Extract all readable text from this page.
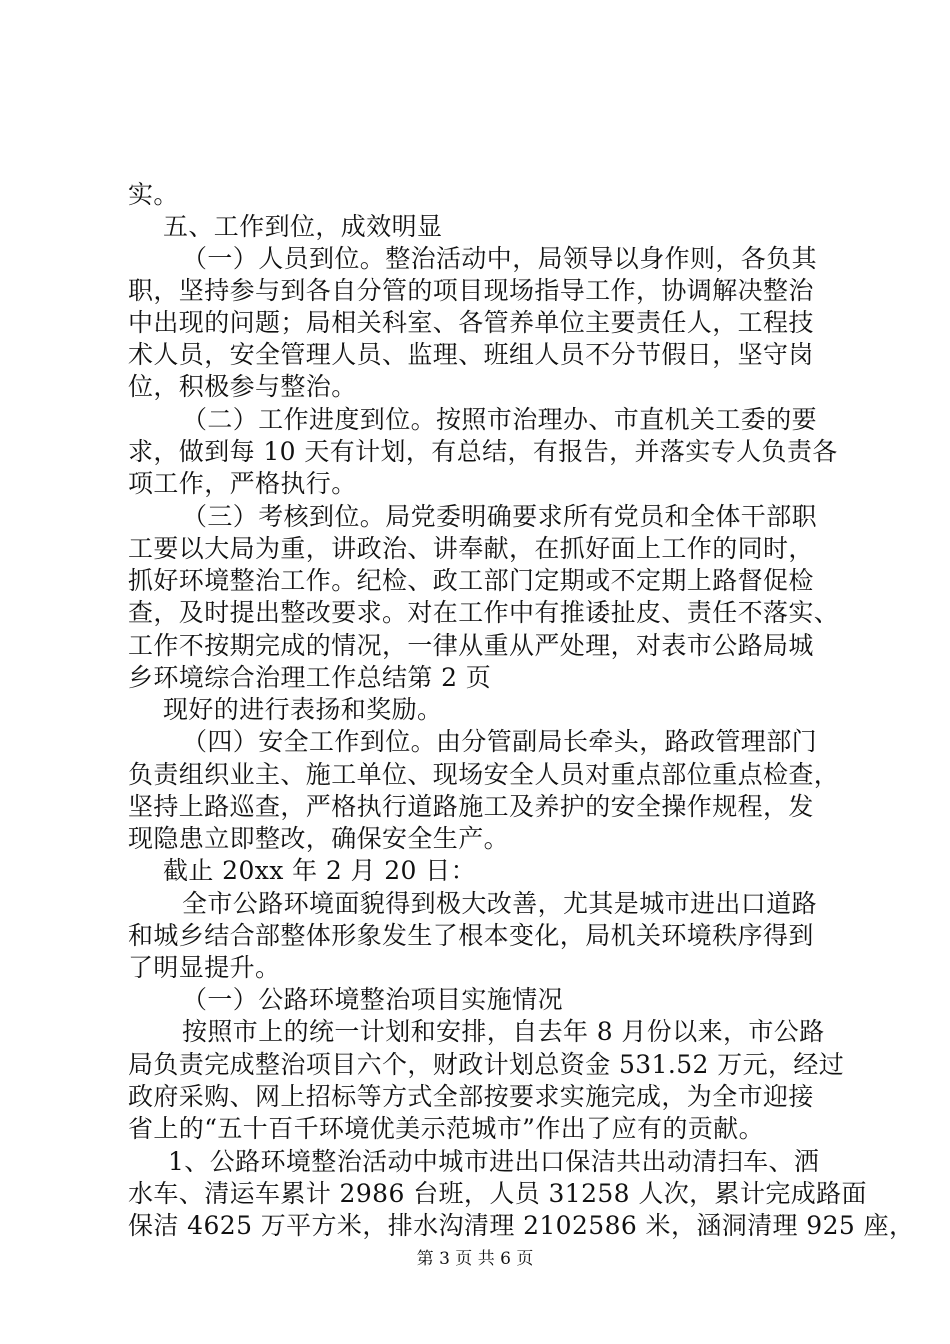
实。
五、工作到位，成效明显
（一）人员到位。整治活动中，局领导以身作则，各负其
职，坚持参与到各自分管的项目现场指导工作，协调解决整治
中出现的问题；局相关科室、各管养单位主要责任人，工程技
术人员，安全管理人员、监理、班组人员不分节假日，坚守岗
位，积极参与整治。
（二）工作进度到位。按照市治理办、市直机关工委的要
求，做到每 10 天有计划，有总结，有报告，并落实专人负责各
项工作，严格执行。
（三）考核到位。局党委明确要求所有党员和全体干部职
工要以大局为重，讲政治、讲奉献，在抓好面上工作的同时，
抓好环境整治工作。纪检、政工部门定期或不定期上路督促检
查，及时提出整改要求。对在工作中有推诿扯皮、责任不落实、
工作不按期完成的情况，一律从重从严处理，对表市公路局城
乡环境综合治理工作总结第 2 页
现好的进行表扬和奖励。
（四）安全工作到位。由分管副局长牵头，路政管理部门
负责组织业主、施工单位、现场安全人员对重点部位重点检查，
坚持上路巡查，严格执行道路施工及养护的安全操作规程，发
现隐患立即整改，确保安全生产。
截止 20xx 年 2 月 20 日：
全市公路环境面貌得到极大改善，尤其是城市进出口道路
和城乡结合部整体形象发生了根本变化，局机关环境秩序得到
了明显提升。
（一）公路环境整治项目实施情况
按照市上的统一计划和安排，自去年 8 月份以来，市公路
局负责完成整治项目六个，财政计划总资金 531.52 万元，经过
政府采购、网上招标等方式全部按要求实施完成，为全市迎接
省上的“五十百千环境优美示范城市”作出了应有的贡献。
1、公路环境整治活动中城市进出口保洁共出动清扫车、洒
水车、清运车累计 2986 台班，人员 31258 人次，累计完成路面
保洁 4625 万平方米，排水沟清理 2102586 米，涵洞清理 925 座，
第 3 页 共 6 页
